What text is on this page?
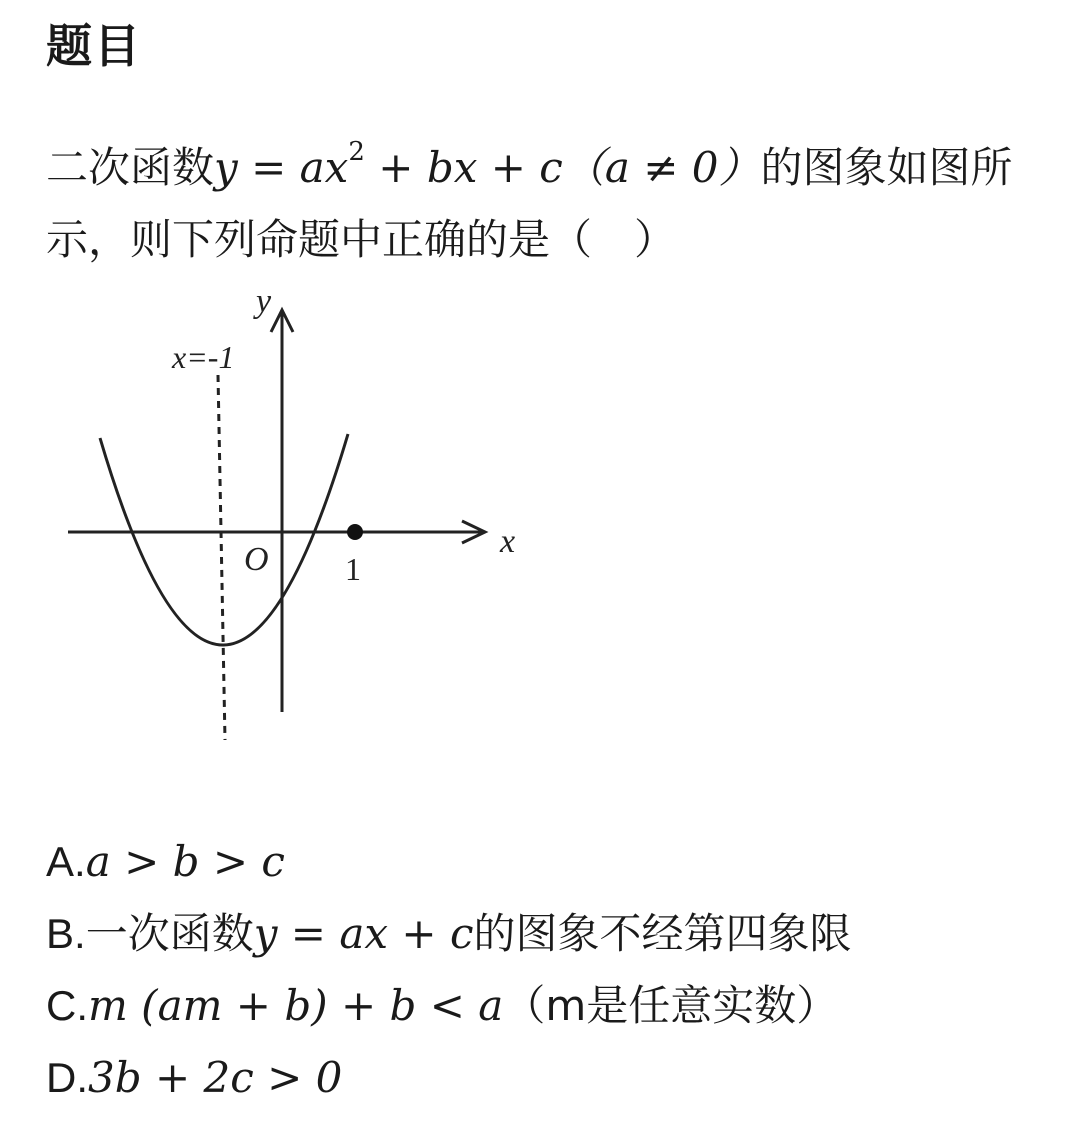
题目
二次函数$y = ax^2$ + bx + c（a ≠ 0）的图象如图所示，则下列命题中正确的是（　）
y
x
O
x=-1
1
A.a > b > c
B.一次函数y = ax + c的图象不经第四象限
C.m (am + b) + b < a（m是任意实数）
D.3b + 2c > 0
